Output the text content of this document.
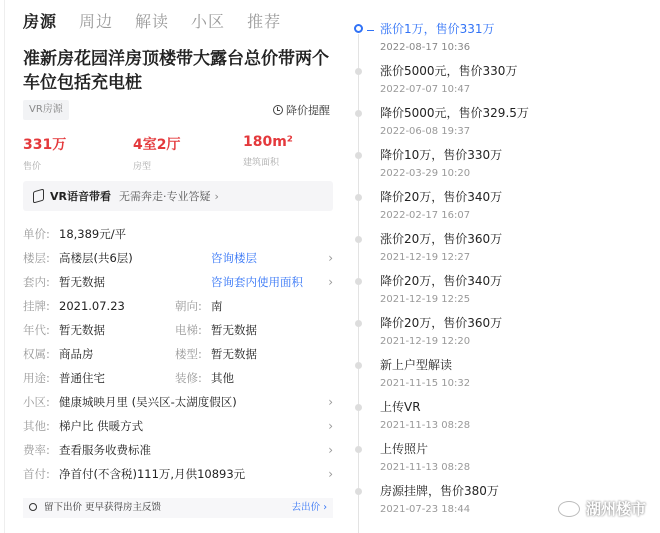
房源 周边 解读 小区 推荐
准新房花园洋房顶楼带大露台总价带两个车位包括充电桩
VR房源	降价提醒
331万
售价
4室2厅
房型
180m²
建筑面积
VR语音带看 无需奔走·专业答疑 ›
单价: 18,389元/平
楼层: 高楼层(共6层)	咨询楼层	›
套内: 暂无数据	咨询套内使用面积 ›
挂牌: 2021.07.23	朝向: 南
年代: 暂无数据	电梯: 暂无数据
权属: 商品房	楼型: 暂无数据
用途: 普通住宅	装修: 其他
小区: 健康城映月里 (吴兴区-太湖度假区)	›
其他: 梯户比 供暖方式	›
费率: 查看服务收费标准	›
首付: 净首付(不含税)111万,月供10893元	›
留下出价 更早获得房主反馈	去出价 ›
涨价1万，售价331万
2022-08-17 10:36
涨价5000元，售价330万
2022-07-07 10:47
降价5000元，售价329.5万
2022-06-08 19:37
降价10万，售价330万
2022-03-29 10:20
降价20万，售价340万
2022-02-17 16:07
涨价20万，售价360万
2021-12-19 12:27
降价20万，售价340万
2021-12-19 12:25
降价20万，售价360万
2021-12-19 12:20
新上户型解读
2021-11-15 10:32
上传VR
2021-11-13 08:28
上传照片
2021-11-13 08:28
房源挂牌，售价380万
2021-07-23 18:44	湖州楼市
